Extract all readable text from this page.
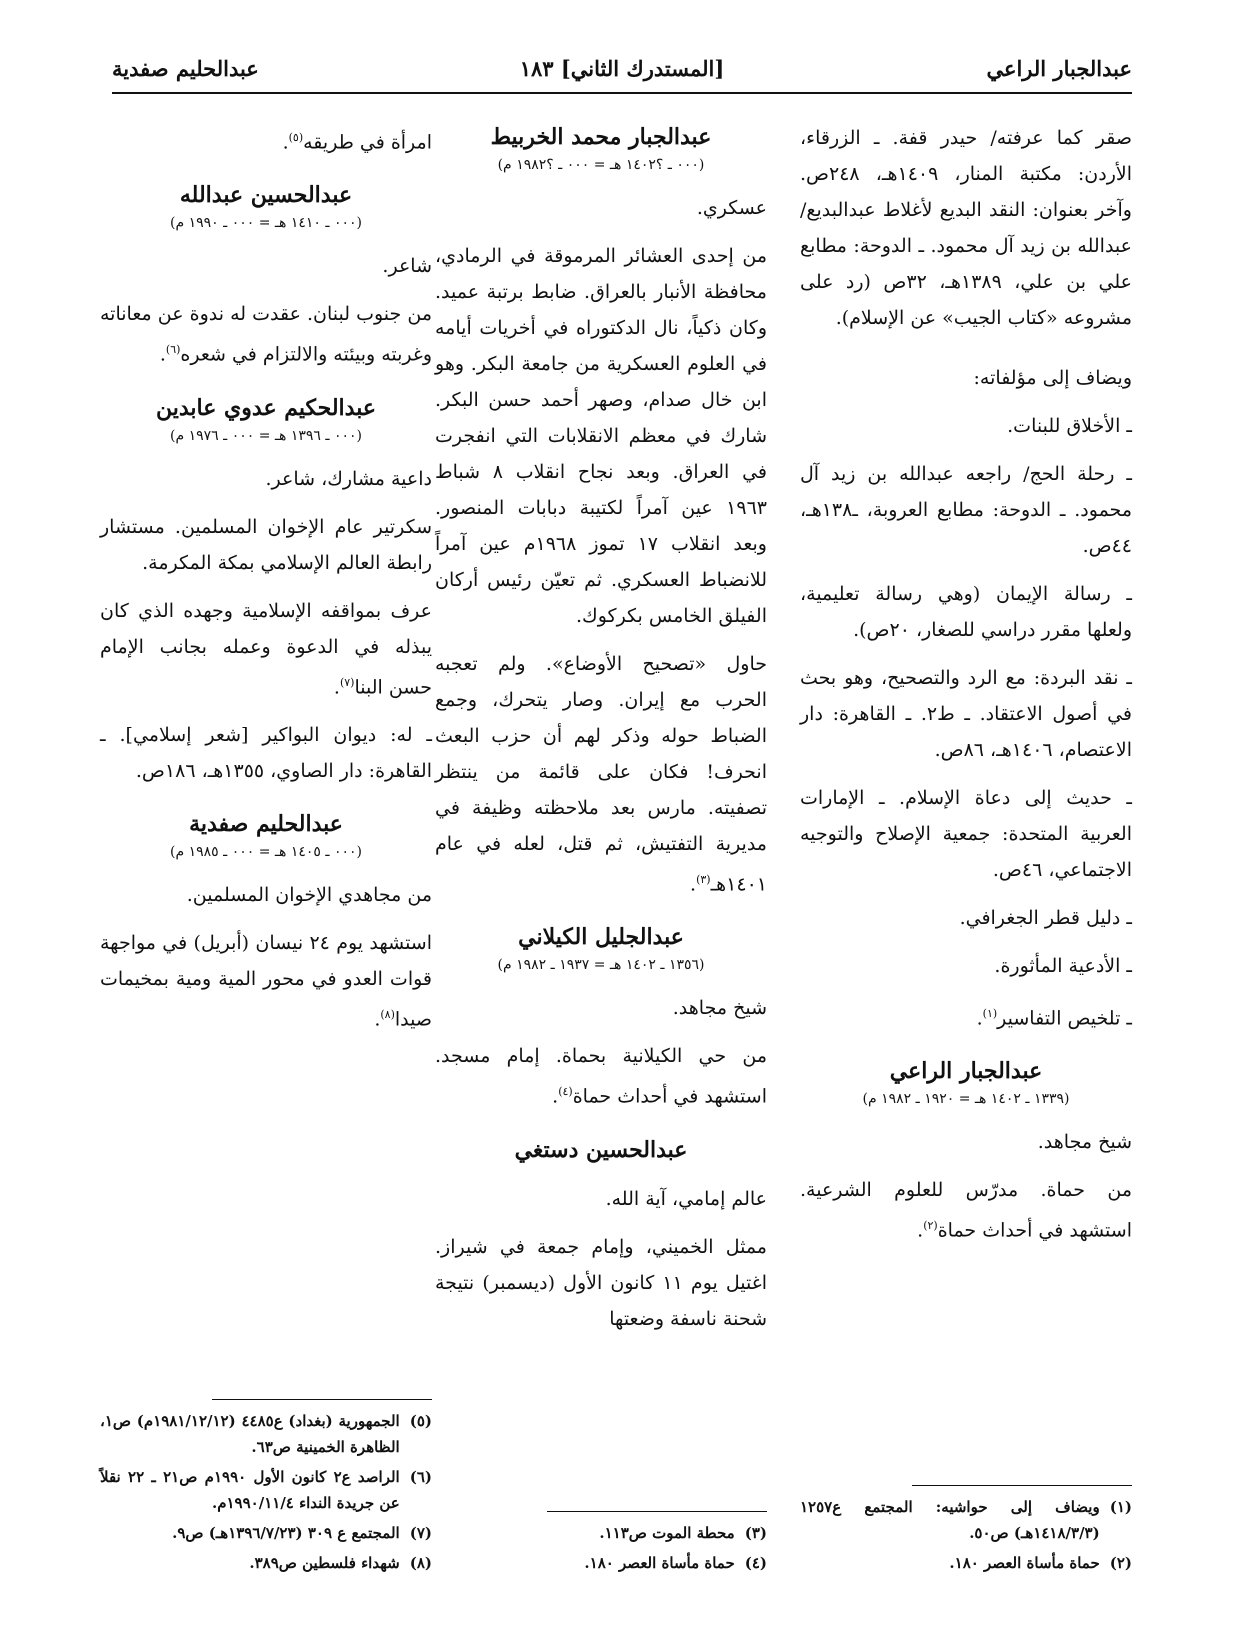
عبدالجبار الراعي
[المستدرك الثاني] ١٨٣
عبدالحليم صفدية

صقر كما عرفته/ حيدر قفة. ـ الزرقاء، الأردن: مكتبة المنار، ١٤٠٩هـ، ٢٤٨ص. وآخر بعنوان: النقد البديع لأغلاط عبدالبديع/ عبدالله بن زيد آل محمود. ـ الدوحة: مطابع علي بن علي، ١٣٨٩هـ، ٣٢ص (رد على مشروعه «كتاب الجيب» عن الإسلام).

ويضاف إلى مؤلفاته:

ـ الأخلاق للبنات.

ـ رحلة الحج/ راجعه عبدالله بن زيد آل محمود. ـ الدوحة: مطابع العروبة، ـ١٣٨هـ، ٤٤ص.

ـ رسالة الإيمان (وهي رسالة تعليمية، ولعلها مقرر دراسي للصغار، ٢٠ص).

ـ نقد البردة: مع الرد والتصحيح، وهو بحث في أصول الاعتقاد. ـ ط٢. ـ القاهرة: دار الاعتصام، ١٤٠٦هـ، ٨٦ص.

ـ حديث إلى دعاة الإسلام. ـ الإمارات العربية المتحدة: جمعية الإصلاح والتوجيه الاجتماعي، ٤٦ص.

ـ دليل قطر الجغرافي.

ـ الأدعية المأثورة.

ـ تلخيص التفاسير$^{(١)}$.

عبدالجبار الراعي
(١٣٣٩ ـ ١٤٠٢ هـ = ١٩٢٠ ـ ١٩٨٢ م)

شيخ مجاهد.

من حماة. مدرّس للعلوم الشرعية. استشهد في أحداث حماة$^{(٢)}$.

(١)
ويضاف إلى حواشيه: المجتمع ع١٢٥٧ (١٤١٨/٣/٣هـ) ص٥٠.
(٢)
حماة مأساة العصر ١٨٠.
عبدالجبار محمد الخربيط
(٠٠٠ ـ ؟١٤٠٢ هـ = ٠٠٠ ـ ؟١٩٨٢ م)

عسكري.

من إحدى العشائر المرموقة في الرمادي، محافظة الأنبار بالعراق. ضابط برتبة عميد. وكان ذكياً، نال الدكتوراه في أخريات أيامه في العلوم العسكرية من جامعة البكر. وهو ابن خال صدام، وصهر أحمد حسن البكر. شارك في معظم الانقلابات التي انفجرت في العراق. وبعد نجاح انقلاب ٨ شباط ١٩٦٣ عين آمراً لكتيبة دبابات المنصور. وبعد انقلاب ١٧ تموز ١٩٦٨م عين آمراً للانضباط العسكري. ثم تعيّن رئيس أركان الفيلق الخامس بكركوك.

حاول «تصحيح الأوضاع». ولم تعجبه الحرب مع إيران. وصار يتحرك، وجمع الضباط حوله وذكر لهم أن حزب البعث انحرف! فكان على قائمة من ينتظر تصفيته. مارس بعد ملاحظته وظيفة في مديرية التفتيش، ثم قتل، لعله في عام ١٤٠١هـ$^{(٣)}$.

عبدالجليل الكيلاني
(١٣٥٦ ـ ١٤٠٢ هـ = ١٩٣٧ ـ ١٩٨٢ م)

شيخ مجاهد.

من حي الكيلانية بحماة. إمام مسجد. استشهد في أحداث حماة$^{(٤)}$.

عبدالحسين دستغي

عالم إمامي، آية الله.

ممثل الخميني، وإمام جمعة في شيراز. اغتيل يوم ١١ كانون الأول (ديسمبر) نتيجة شحنة ناسفة وضعتها

(٣)
محطة الموت ص١١٣.
(٤)
حماة مأساة العصر ١٨٠.

امرأة في طريقه$^{(٥)}$.

عبدالحسين عبدالله
(٠٠٠ ـ ١٤١٠ هـ = ٠٠٠ ـ ١٩٩٠ م)

شاعر.

من جنوب لبنان. عقدت له ندوة عن معاناته وغربته وبيئته والالتزام في شعره$^{(٦)}$.

عبدالحكيم عدوي عابدين
(٠٠٠ ـ ١٣٩٦ هـ = ٠٠٠ ـ ١٩٧٦ م)

داعية مشارك، شاعر.

سكرتير عام الإخوان المسلمين. مستشار رابطة العالم الإسلامي بمكة المكرمة.

عرف بمواقفه الإسلامية وجهده الذي كان يبذله في الدعوة وعمله بجانب الإمام حسن البنا$^{(٧)}$.

ـ له: ديوان البواكير [شعر إسلامي]. ـ القاهرة: دار الصاوي، ١٣٥٥هـ، ١٨٦ص.

عبدالحليم صفدية
(٠٠٠ ـ ١٤٠٥ هـ = ٠٠٠ ـ ١٩٨٥ م)

من مجاهدي الإخوان المسلمين.

استشهد يوم ٢٤ نيسان (أبريل) في مواجهة قوات العدو في محور المية ومية بمخيمات صيدا$^{(٨)}$.

(٥)
الجمهورية (بغداد) ع٤٤٨٥ (١٩٨١/١٢/١٢م) ص١، الظاهرة الخمينية ص٦٣.
(٦)
الراصد ع٢ كانون الأول ١٩٩٠م ص٢١ ـ ٢٢ نقلاً عن جريدة النداء ١٩٩٠/١١/٤م.
(٧)
المجتمع ع ٣٠٩ (١٣٩٦/٧/٢٣هـ) ص٩.
(٨)
شهداء فلسطين ص٣٨٩.
